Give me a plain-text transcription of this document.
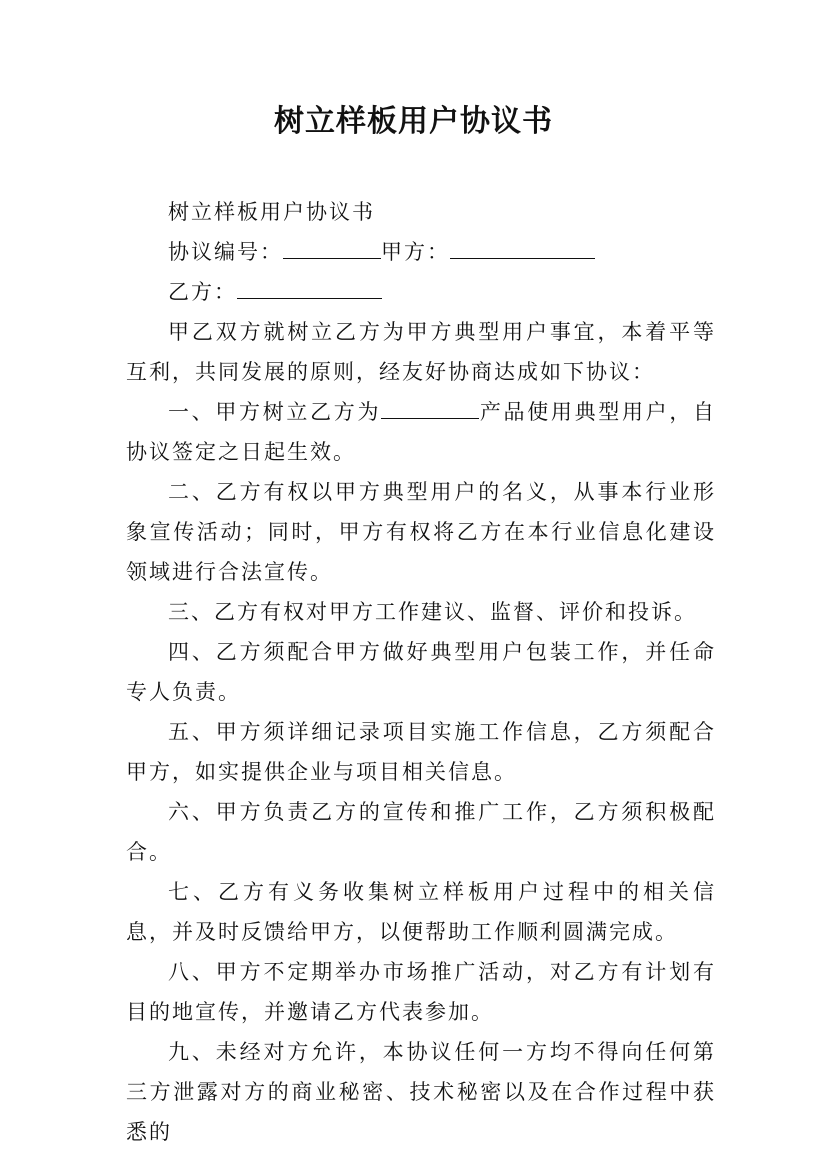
树立样板用户协议书

树立样板用户协议书

协议编号：	甲方：

乙方：

甲乙双方就树立乙方为甲方典型用户事宜，本着平等互利，共同发展的原则，经友好协商达成如下协议：

一、甲方树立乙方为	产品使用典型用户，自协议签定之日起生效。

二、乙方有权以甲方典型用户的名义，从事本行业形象宣传活动；同时，甲方有权将乙方在本行业信息化建设领域进行合法宣传。

三、乙方有权对甲方工作建议、监督、评价和投诉。

四、乙方须配合甲方做好典型用户包装工作，并任命专人负责。

五、甲方须详细记录项目实施工作信息，乙方须配合甲方，如实提供企业与项目相关信息。

六、甲方负责乙方的宣传和推广工作，乙方须积极配合。

七、乙方有义务收集树立样板用户过程中的相关信息，并及时反馈给甲方，以便帮助工作顺利圆满完成。

八、甲方不定期举办市场推广活动，对乙方有计划有目的地宣传，并邀请乙方代表参加。

九、未经对方允许，本协议任何一方均不得向任何第三方泄露对方的商业秘密、技术秘密以及在合作过程中获悉的
